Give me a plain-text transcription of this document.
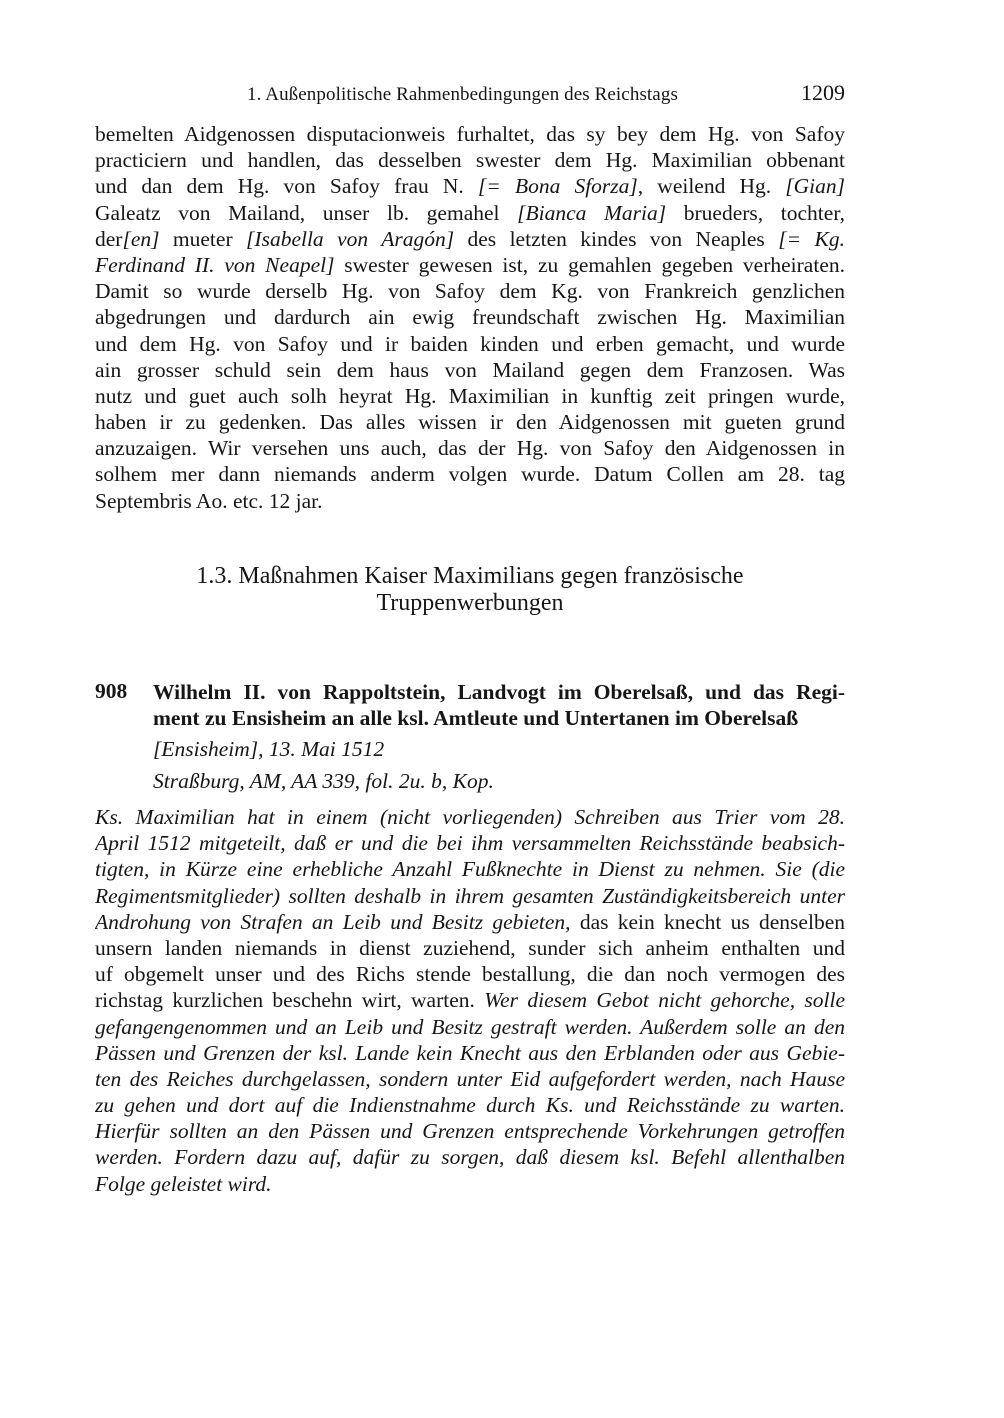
1. Außenpolitische Rahmenbedingungen des Reichstags	1209
bemelten Aidgenossen disputacionweis furhaltet, das sy bey dem Hg. von Safoy
practiciern und handlen, das desselben swester dem Hg. Maximilian obbenant
und dan dem Hg. von Safoy frau N. [= Bona Sforza], weilend Hg. [Gian]
Galeatz von Mailand, unser lb. gemahel [Bianca Maria] brueders, tochter,
der[en] mueter [Isabella von Aragón] des letzten kindes von Neaples [= Kg.
Ferdinand II. von Neapel] swester gewesen ist, zu gemahlen gegeben verheiraten.
Damit so wurde derselb Hg. von Safoy dem Kg. von Frankreich genzlichen
abgedrungen und dardurch ain ewig freundschaft zwischen Hg. Maximilian
und dem Hg. von Safoy und ir baiden kinden und erben gemacht, und wurde
ain grosser schuld sein dem haus von Mailand gegen dem Franzosen. Was
nutz und guet auch solh heyrat Hg. Maximilian in kunftig zeit pringen wurde,
haben ir zu gedenken. Das alles wissen ir den Aidgenossen mit gueten grund
anzuzaigen. Wir versehen uns auch, das der Hg. von Safoy den Aidgenossen in
solhem mer dann niemands anderm volgen wurde. Datum Collen am 28. tag
Septembris Ao. etc. 12 jar.
1.3. Maßnahmen Kaiser Maximilians gegen französische
Truppenwerbungen
908 Wilhelm II. von Rappoltstein, Landvogt im Oberelsaß, und das Regi-
ment zu Ensisheim an alle ksl. Amtleute und Untertanen im Oberelsaß
[Ensisheim], 13. Mai 1512
Straßburg, AM, AA 339, fol. 2u. b, Kop.
Ks. Maximilian hat in einem (nicht vorliegenden) Schreiben aus Trier vom 28.
April 1512 mitgeteilt, daß er und die bei ihm versammelten Reichsstände beabsich-
tigten, in Kürze eine erhebliche Anzahl Fußknechte in Dienst zu nehmen. Sie (die
Regimentsmitglieder) sollten deshalb in ihrem gesamten Zuständigkeitsbereich unter
Androhung von Strafen an Leib und Besitz gebieten, das kein knecht us denselben
unsern landen niemands in dienst zuziehend, sunder sich anheim enthalten und
uf obgemelt unser und des Richs stende bestallung, die dan noch vermogen des
richstag kurzlichen beschehn wirt, warten. Wer diesem Gebot nicht gehorche, solle
gefangengenommen und an Leib und Besitz gestraft werden. Außerdem solle an den
Pässen und Grenzen der ksl. Lande kein Knecht aus den Erblanden oder aus Gebie-
ten des Reiches durchgelassen, sondern unter Eid aufgefordert werden, nach Hause
zu gehen und dort auf die Indienstnahme durch Ks. und Reichsstände zu warten.
Hierfür sollten an den Pässen und Grenzen entsprechende Vorkehrungen getroffen
werden. Fordern dazu auf, dafür zu sorgen, daß diesem ksl. Befehl allenthalben
Folge geleistet wird.
